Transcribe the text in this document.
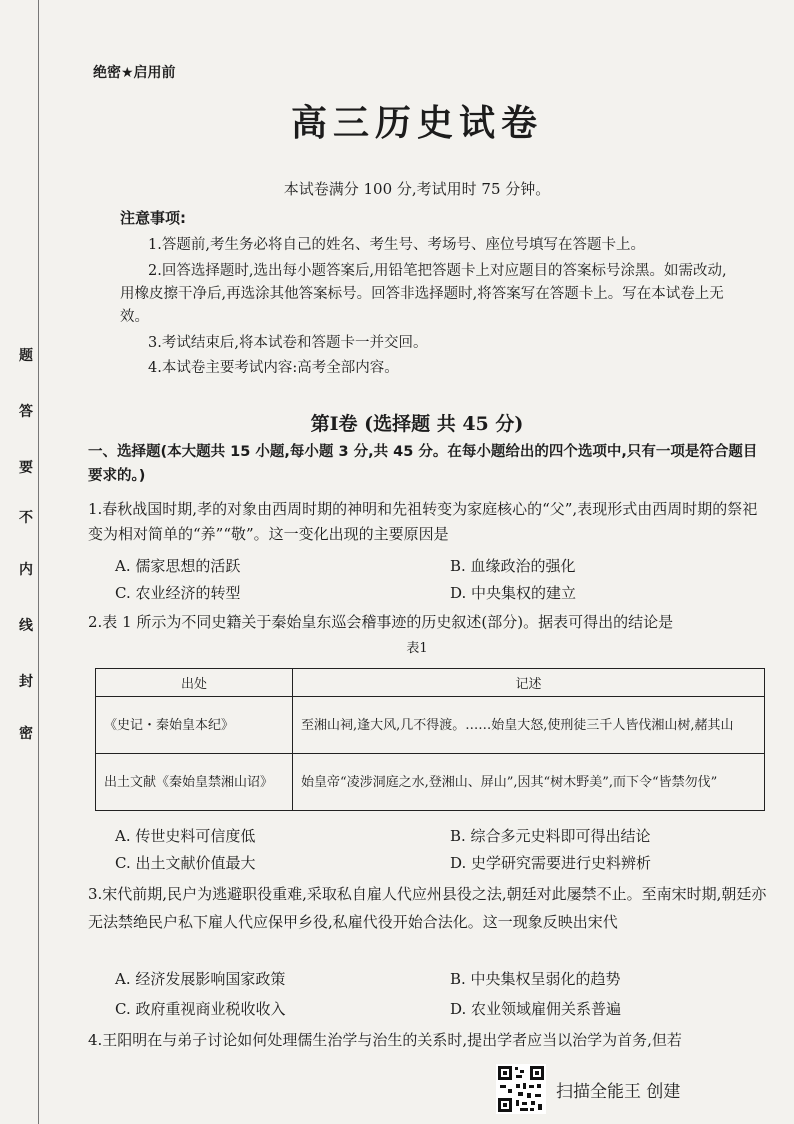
题
答
要
不
内
线
封
密
绝密★启用前
高三历史试卷
本试卷满分 100 分,考试用时 75 分钟。
注意事项:
1.答题前,考生务必将自己的姓名、考生号、考场号、座位号填写在答题卡上。
2.回答选择题时,选出每小题答案后,用铅笔把答题卡上对应题目的答案标号涂黑。如需改动,用橡皮擦干净后,再选涂其他答案标号。回答非选择题时,将答案写在答题卡上。写在本试卷上无效。
3.考试结束后,将本试卷和答题卡一并交回。
4.本试卷主要考试内容:高考全部内容。
第Ⅰ卷 (选择题 共 45 分)
一、选择题(本大题共 15 小题,每小题 3 分,共 45 分。在每小题给出的四个选项中,只有一项是符合题目要求的。)
1.春秋战国时期,孝的对象由西周时期的神明和先祖转变为家庭核心的“父”,表现形式由西周时期的祭祀变为相对简单的“养”“敬”。这一变化出现的主要原因是
A. 儒家思想的活跃	B. 血缘政治的强化
C. 农业经济的转型	D. 中央集权的建立
2.表 1 所示为不同史籍关于秦始皇东巡会稽事迹的历史叙述(部分)。据表可得出的结论是
表1
出处	记述
《史记・秦始皇本纪》	至湘山祠,逢大风,几不得渡。……始皇大怒,使刑徒三千人皆伐湘山树,赭其山
出土文献《秦始皇禁湘山诏》	始皇帝“凌涉洞庭之水,登湘山、屏山”,因其“树木野美”,而下令“皆禁勿伐”
A. 传世史料可信度低	B. 综合多元史料即可得出结论
C. 出土文献价值最大	D. 史学研究需要进行史料辨析
3.宋代前期,民户为逃避职役重难,采取私自雇人代应州县役之法,朝廷对此屡禁不止。至南宋时期,朝廷亦无法禁绝民户私下雇人代应保甲乡役,私雇代役开始合法化。这一现象反映出宋代
A. 经济发展影响国家政策	B. 中央集权呈弱化的趋势
C. 政府重视商业税收收入	D. 农业领域雇佣关系普遍
4.王阳明在与弟子讨论如何处理儒生治学与治生的关系时,提出学者应当以治学为首务,但若
扫描全能王 创建
